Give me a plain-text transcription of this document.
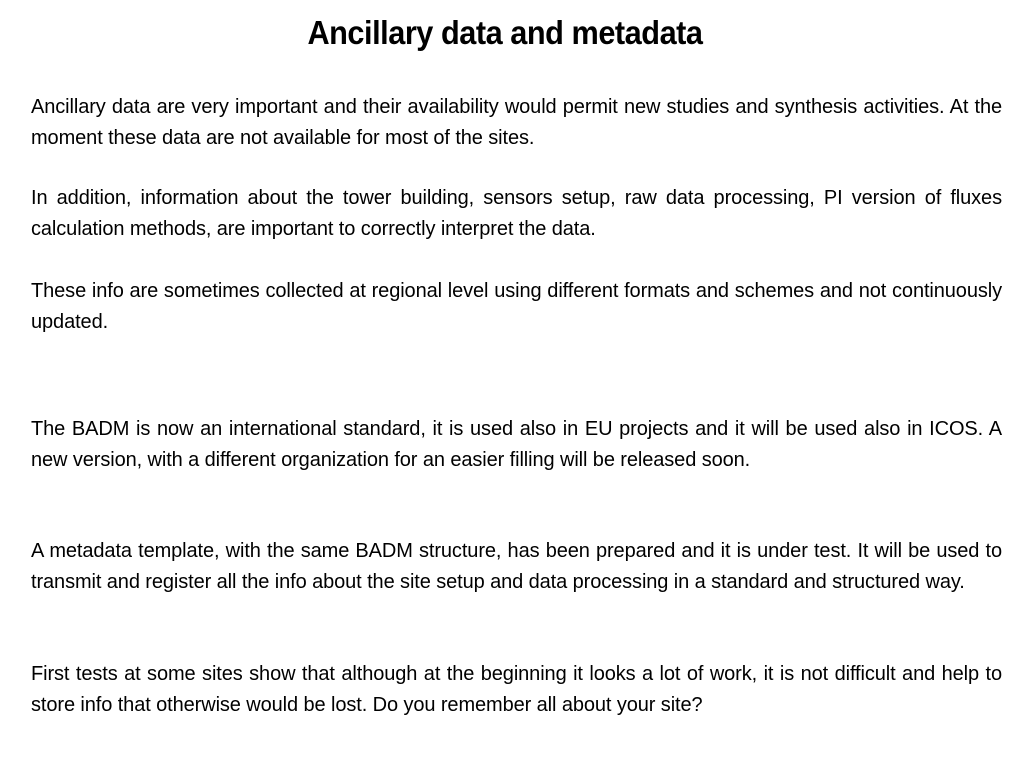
Ancillary data and metadata

Ancillary data are very important and their availability would permit new studies and synthesis activities. At the moment these data are not available for most of the sites.

In addition, information about the tower building, sensors setup, raw data processing, PI version of fluxes calculation methods, are important to correctly interpret the data.

These info are sometimes collected at regional level using different formats and schemes and not continuously updated.

The BADM is now an international standard, it is used also in EU projects and it will be used also in ICOS. A new version, with a different organization for an easier filling will be released soon.

A metadata template, with the same BADM structure, has been prepared and it is under test. It will be used to transmit and register all the info about the site setup and data processing in a standard and structured way.

First tests at some sites show that although at the beginning it looks a lot of work, it is not difficult and help to store info that otherwise would be lost. Do you remember all about your site?
